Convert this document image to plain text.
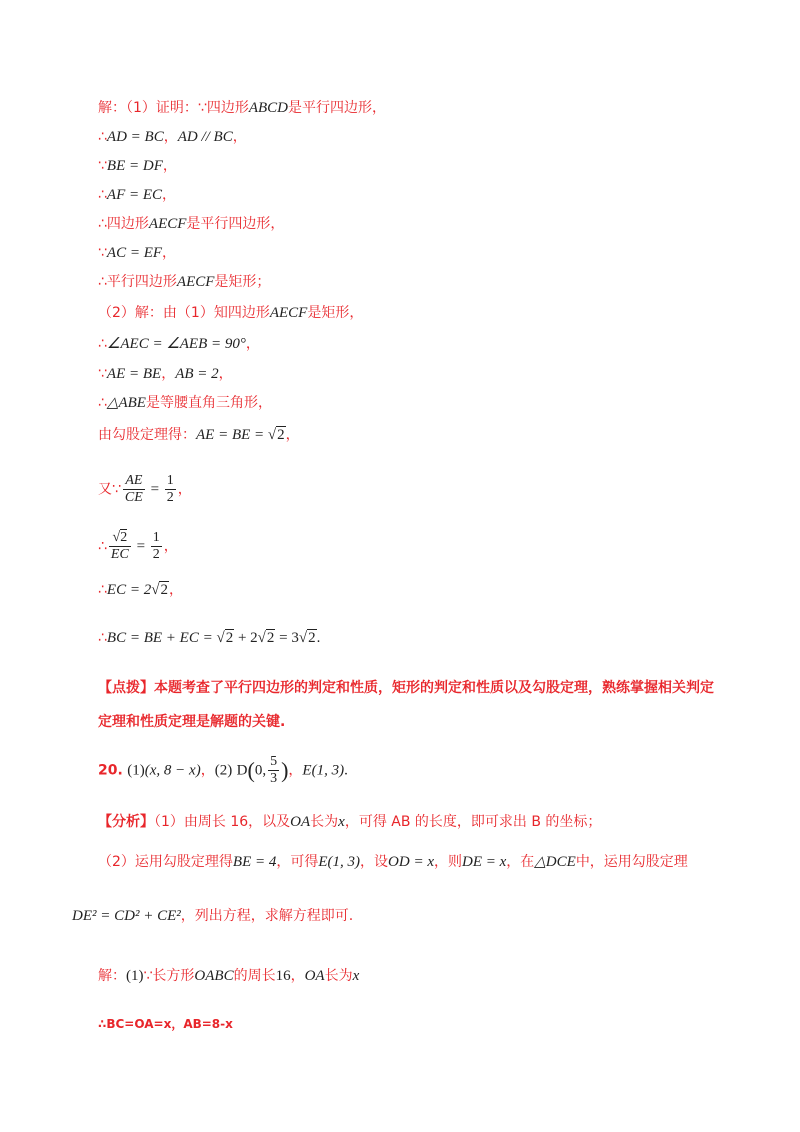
解：（1）证明：∵四边形ABCD是平行四边形，
∴AD = BC，AD // BC，
∵BE = DF，
∴AF = EC，
∴四边形AECF是平行四边形，
∵AC = EF，
∴平行四边形AECF是矩形；
（2）解：由（1）知四边形AECF是矩形，
∴∠AEC = ∠AEB = 90°，
∵AE = BE，AB = 2，
∴△ABE是等腰直角三角形，
由勾股定理得：AE = BE = √2，
又∵ $\frac{AE}{CE} = \frac{1}{2}$ ，
∴ $\frac{√2}{EC} = \frac{1}{2}$ ，
∴EC = 2√2，
∴BC = BE + EC = √2 + 2√2 = 3√2.
【点拨】本题考查了平行四边形的判定和性质，矩形的判定和性质以及勾股定理，熟练掌握相关判定
定理和性质定理是解题的关键.
20. (1)(x, 8 − x)，(2) D(0, $\frac{5}{3}$ )，E(1, 3).
【分析】（1）由周长 16，以及OA长为x，可得 AB 的长度，即可求出 B 的坐标；
（2）运用勾股定理得BE = 4，可得E(1, 3)，设OD = x，则DE = x，在△DCE中，运用勾股定理
DE² = CD² + CE²，列出方程，求解方程即可.
解：(1)∵长方形OABC的周长16，OA长为x
∴BC=OA=x，AB=8-x
